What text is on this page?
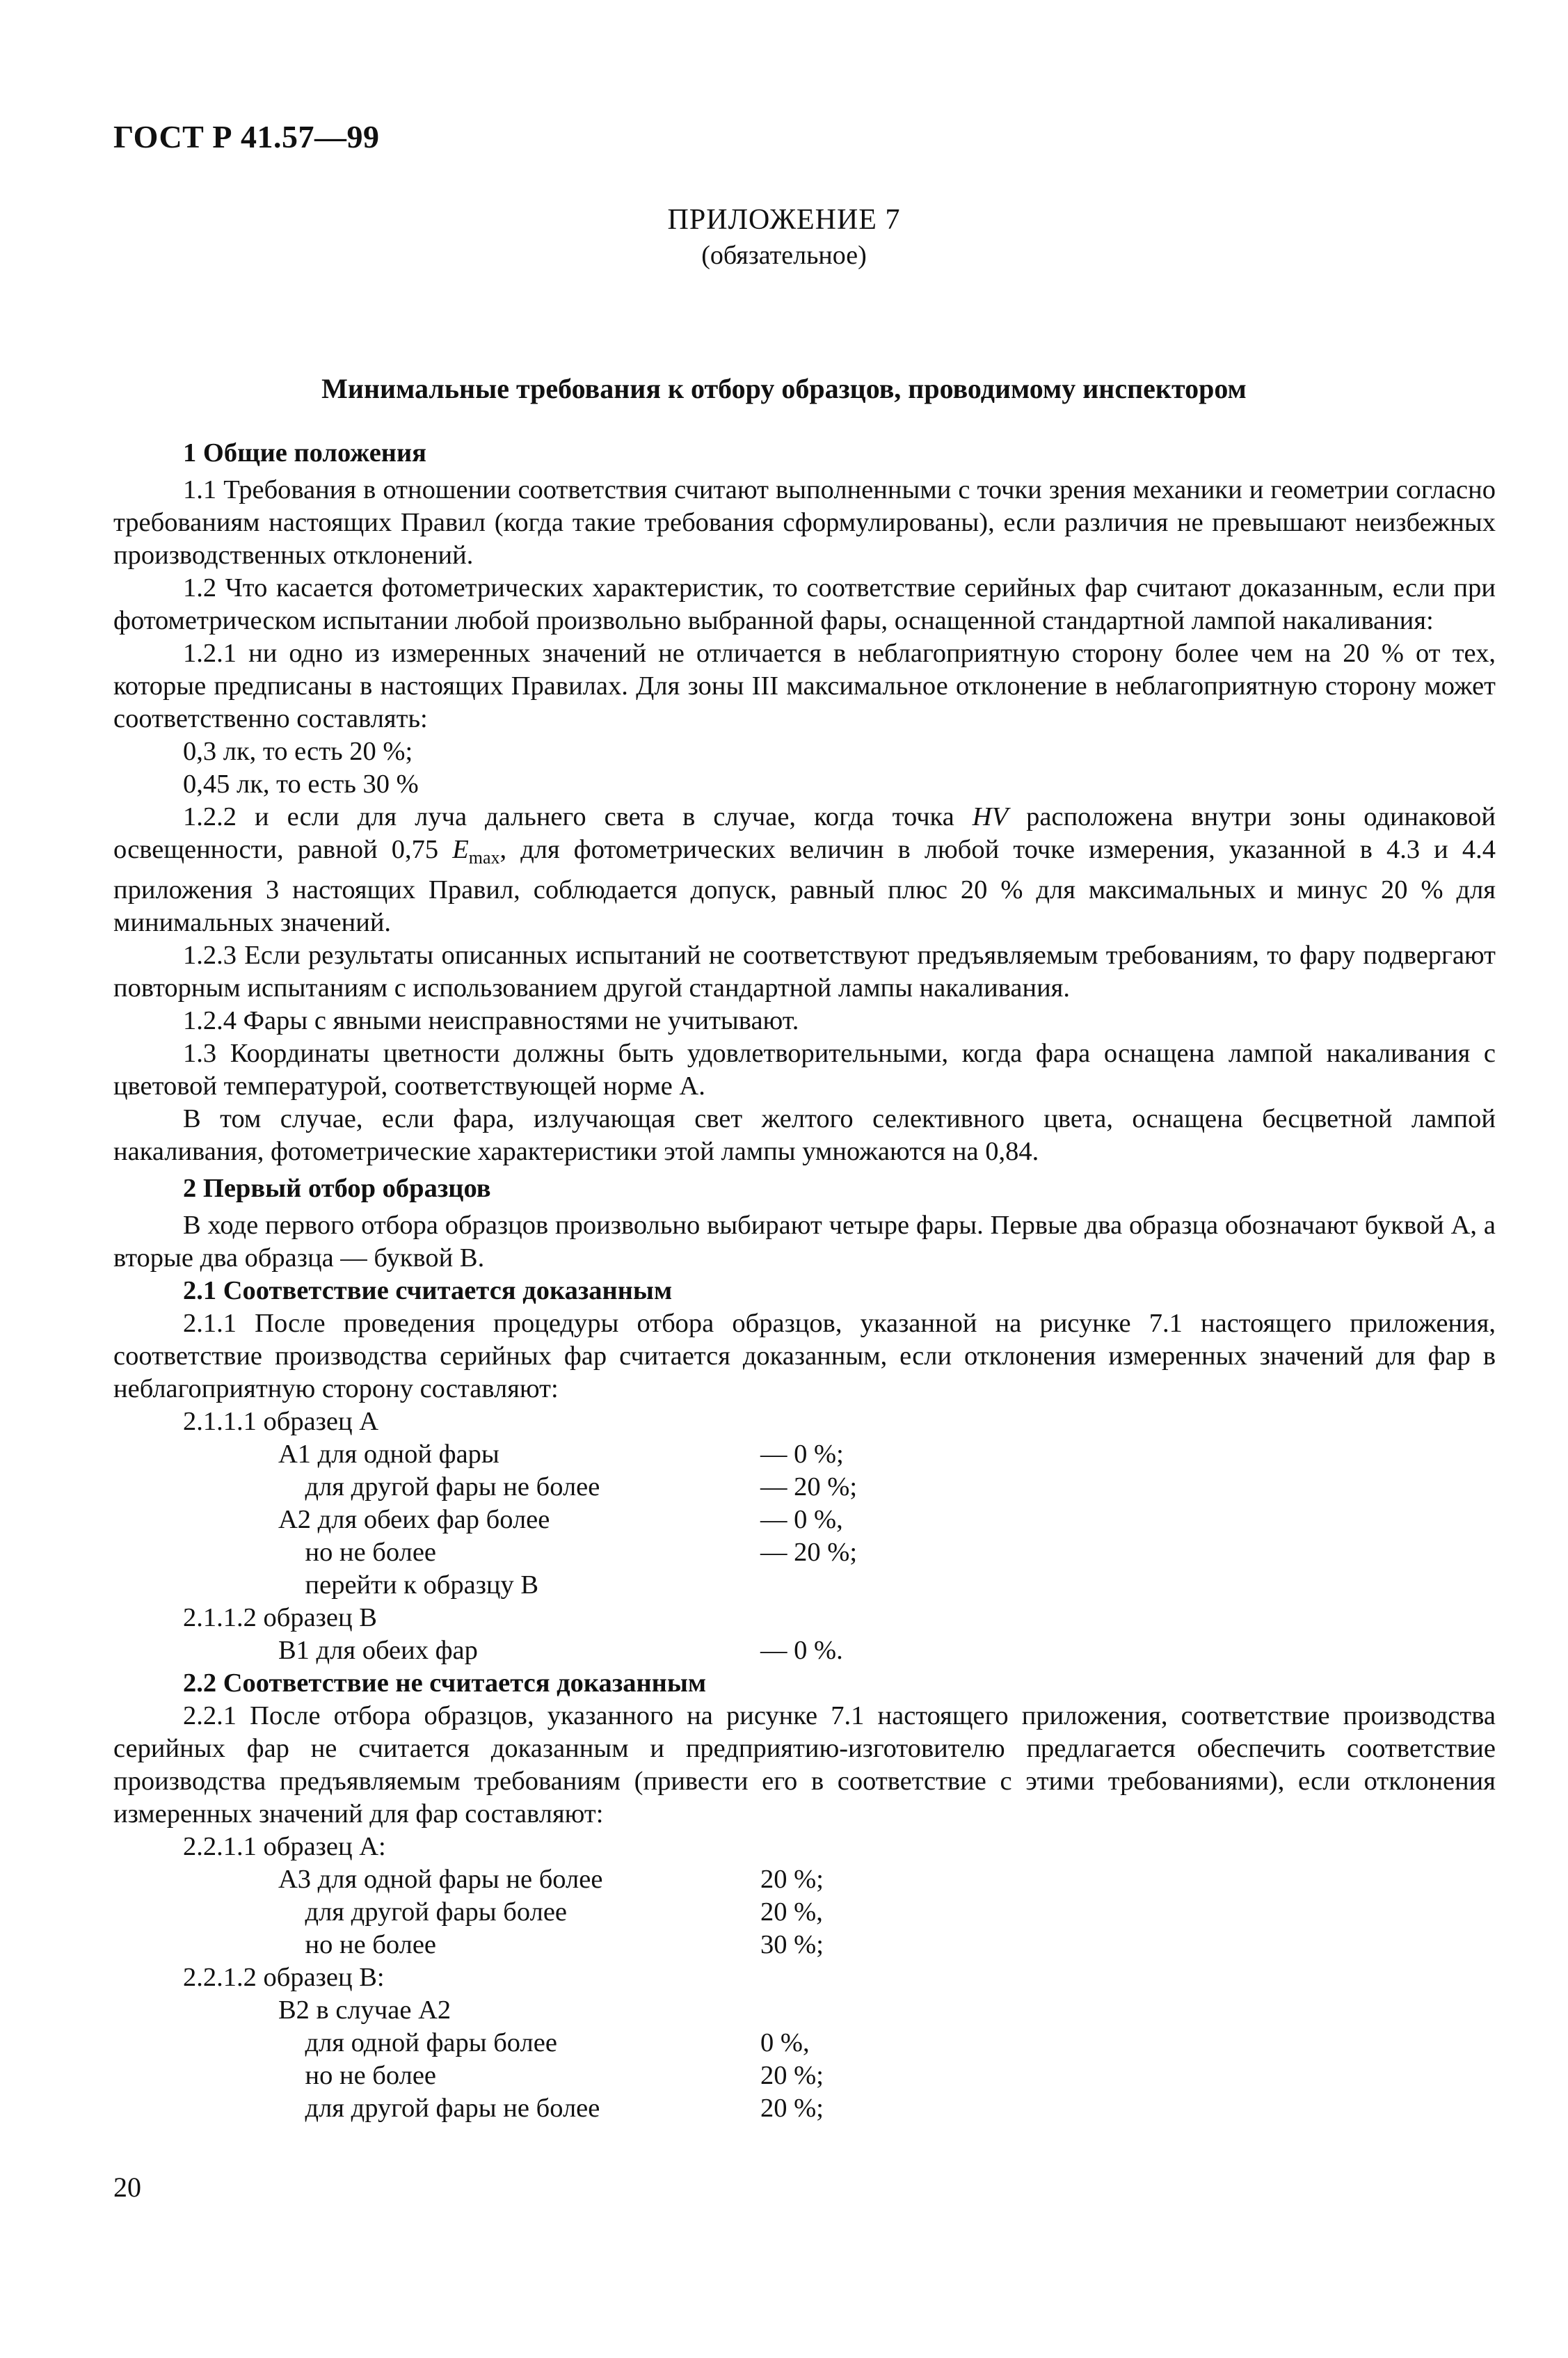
ГОСТ Р 41.57—99
ПРИЛОЖЕНИЕ 7
(обязательное)
Минимальные требования к отбору образцов, проводимому инспектором

1 Общие положения

1.1 Требования в отношении соответствия считают выполненными с точки зрения механики и геометрии согласно требованиям настоящих Правил (когда такие требования сформулированы), если различия не превышают неизбежных производственных отклонений.

1.2 Что касается фотометрических характеристик, то соответствие серийных фар считают доказанным, если при фотометрическом испытании любой произвольно выбранной фары, оснащенной стандартной лампой накаливания:

1.2.1 ни одно из измеренных значений не отличается в неблагоприятную сторону более чем на 20 % от тех, которые предписаны в настоящих Правилах. Для зоны III максимальное отклонение в неблагоприятную сторону может соответственно составлять:

0,3 лк, то есть 20 %;

0,45 лк, то есть 30 %

1.2.2 и если для луча дальнего света в случае, когда точка HV расположена внутри зоны одинаковой освещенности, равной 0,75 $E_{max}$, для фотометрических величин в любой точке измерения, указанной в 4.3 и 4.4 приложения 3 настоящих Правил, соблюдается допуск, равный плюс 20 % для максимальных и минус 20 % для минимальных значений.

1.2.3 Если результаты описанных испытаний не соответствуют предъявляемым требованиям, то фару подвергают повторным испытаниям с использованием другой стандартной лампы накаливания.

1.2.4 Фары с явными неисправностями не учитывают.

1.3 Координаты цветности должны быть удовлетворительными, когда фара оснащена лампой накаливания с цветовой температурой, соответствующей норме А.

В том случае, если фара, излучающая свет желтого селективного цвета, оснащена бесцветной лампой накаливания, фотометрические характеристики этой лампы умножаются на 0,84.

2 Первый отбор образцов

В ходе первого отбора образцов произвольно выбирают четыре фары. Первые два образца обозначают буквой А, а вторые два образца — буквой В.

2.1 Соответствие считается доказанным

2.1.1 После проведения процедуры отбора образцов, указанной на рисунке 7.1 настоящего приложения, соответствие производства серийных фар считается доказанным, если отклонения измеренных значений для фар в неблагоприятную сторону составляют:

2.1.1.1 образец А
А1 для одной фары	— 0 %;
для другой фары не более	— 20 %;
А2 для обеих фар более	— 0 %,
но не более	— 20 %;
перейти к образцу В
2.1.1.2 образец В
В1 для обеих фар	— 0 %.

2.2 Соответствие не считается доказанным

2.2.1 После отбора образцов, указанного на рисунке 7.1 настоящего приложения, соответствие производства серийных фар не считается доказанным и предприятию-изготовителю предлагается обеспечить соответствие производства предъявляемым требованиям (привести его в соответствие с этими требованиями), если отклонения измеренных значений для фар составляют:

2.2.1.1 образец А:
А3 для одной фары не более	20 %;
для другой фары более	20 %,
но не более	30 %;
2.2.1.2 образец В:
В2 в случае А2
для одной фары более	0 %,
но не более	20 %;
для другой фары не более	20 %;
20
